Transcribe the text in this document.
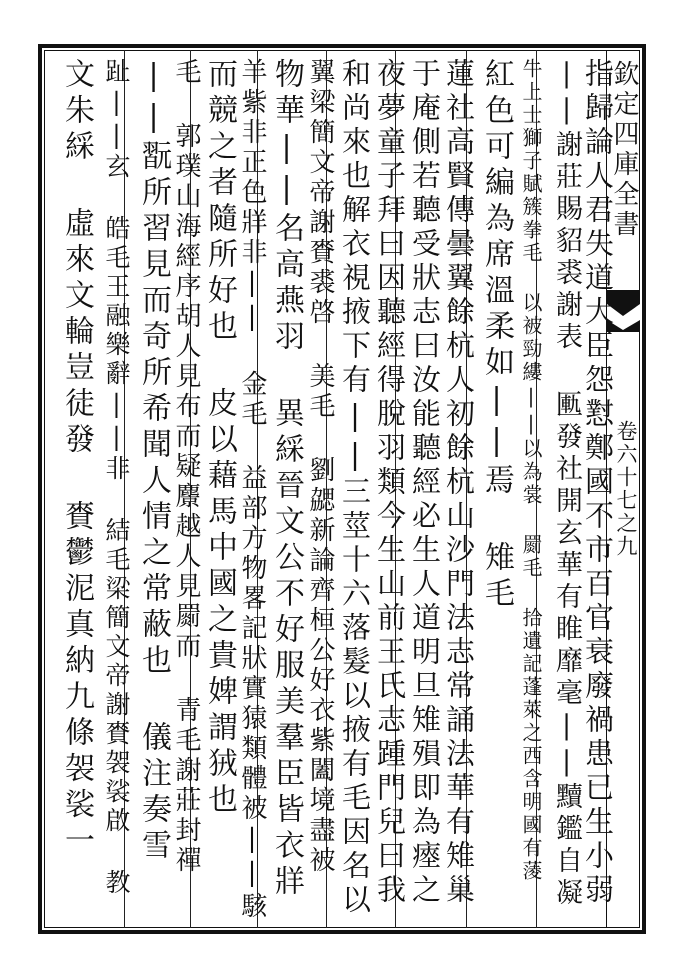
欽定四庫全書
卷六十七之九
指歸論人君失道大臣怨懟鄭國不市百官衰廢禍患已生小弱
||謝莊賜貂裘謝表 匭發社開玄華有睢靡毫||黷鑑自凝
牛上士獅子賦簇拳毛 以被勁縷||以為裳 罽毛 拾遺記蓬萊之西含明國有蔆
紅色可編為席溫柔如||焉 雉毛
蓮社高賢傳曇翼餘杭人初餘杭山沙門法志常誦法華有雉巢
于庵側若聽受狀志曰汝能聽經必生人道明旦雉殞即為瘞之
夜夢童子拜曰因聽經得脫羽類今生山前王氏志踵門兒曰我
和尚來也解衣視掖下有||三莖十六落髮以掖有毛因名以
翼梁簡文帝謝賚裘啓 美毛 劉勰新論齊桓公好衣紫闔境盡被
物華||名高燕羽 異綵晉文公不好服美羣臣皆衣牂
羊紫非正色牂非|| 金毛 益部方物畧記狀實猿類體被||駭
而競之者隨所好也 皮以藉馬中國之貴婢謂狨也
毛 郭璞山海經序胡人見布而疑麖越人見罽而 青毛謝莊封禪
||翫所習見而奇所希聞人情之常蔽也 儀注奏雪
趾||玄 皓毛王融樂辭||非 結毛梁簡文帝謝賚袈裟啟 教
文朱綵 虛來文輪豈徒發 賚鬱泥真納九條袈裟一
